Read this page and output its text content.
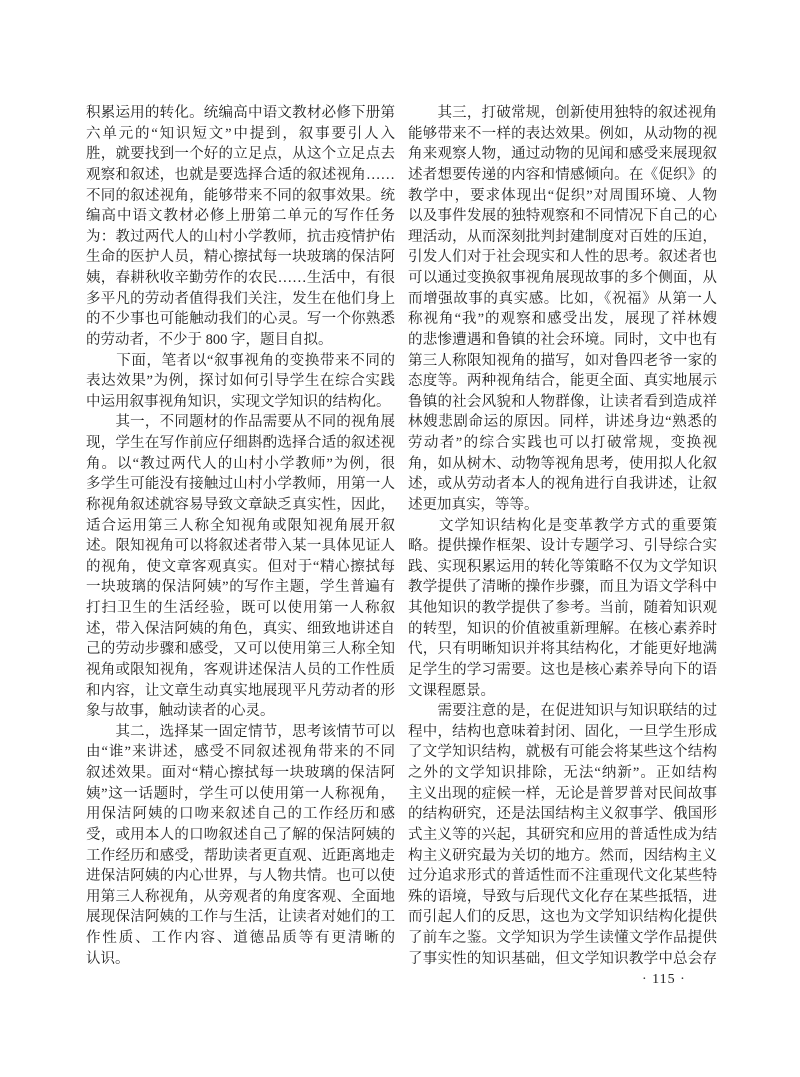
积累运用的转化。统编高中语文教材必修下册第
六单元的“知识短文”中提到，叙事要引人入
胜，就要找到一个好的立足点，从这个立足点去
观察和叙述，也就是要选择合适的叙述视角……
不同的叙述视角，能够带来不同的叙事效果。统
编高中语文教材必修上册第二单元的写作任务
为：教过两代人的山村小学教师，抗击疫情护佑
生命的医护人员，精心擦拭每一块玻璃的保洁阿
姨，春耕秋收辛勤劳作的农民……生活中，有很
多平凡的劳动者值得我们关注，发生在他们身上
的不少事也可能触动我们的心灵。写一个你熟悉
的劳动者，不少于 800 字，题目自拟。
　　下面，笔者以“叙事视角的变换带来不同的
表达效果”为例，探讨如何引导学生在综合实践
中运用叙事视角知识，实现文学知识的结构化。
　　其一，不同题材的作品需要从不同的视角展
现，学生在写作前应仔细斟酌选择合适的叙述视
角。以“教过两代人的山村小学教师”为例，很
多学生可能没有接触过山村小学教师，用第一人
称视角叙述就容易导致文章缺乏真实性，因此，
适合运用第三人称全知视角或限知视角展开叙
述。限知视角可以将叙述者带入某一具体见证人
的视角，使文章客观真实。但对于“精心擦拭每
一块玻璃的保洁阿姨”的写作主题，学生普遍有
打扫卫生的生活经验，既可以使用第一人称叙
述，带入保洁阿姨的角色，真实、细致地讲述自
己的劳动步骤和感受，又可以使用第三人称全知
视角或限知视角，客观讲述保洁人员的工作性质
和内容，让文章生动真实地展现平凡劳动者的形
象与故事，触动读者的心灵。
　　其二，选择某一固定情节，思考该情节可以
由“谁”来讲述，感受不同叙述视角带来的不同
叙述效果。面对“精心擦拭每一块玻璃的保洁阿
姨”这一话题时，学生可以使用第一人称视角，
用保洁阿姨的口吻来叙述自己的工作经历和感
受，或用本人的口吻叙述自己了解的保洁阿姨的
工作经历和感受，帮助读者更直观、近距离地走
进保洁阿姨的内心世界，与人物共情。也可以使
用第三人称视角，从旁观者的角度客观、全面地
展现保洁阿姨的工作与生活，让读者对她们的工
作性质、工作内容、道德品质等有更清晰的
认识。
　　其三，打破常规，创新使用独特的叙述视角
能够带来不一样的表达效果。例如，从动物的视
角来观察人物，通过动物的见闻和感受来展现叙
述者想要传递的内容和情感倾向。在《促织》的
教学中，要求体现出“促织”对周围环境、人物
以及事件发展的独特观察和不同情况下自己的心
理活动，从而深刻批判封建制度对百姓的压迫，
引发人们对于社会现实和人性的思考。叙述者也
可以通过变换叙事视角展现故事的多个侧面，从
而增强故事的真实感。比如，《祝福》从第一人
称视角“我”的观察和感受出发，展现了祥林嫂
的悲惨遭遇和鲁镇的社会环境。同时，文中也有
第三人称限知视角的描写，如对鲁四老爷一家的
态度等。两种视角结合，能更全面、真实地展示
鲁镇的社会风貌和人物群像，让读者看到造成祥
林嫂悲剧命运的原因。同样，讲述身边“熟悉的
劳动者”的综合实践也可以打破常规，变换视
角，如从树木、动物等视角思考，使用拟人化叙
述，或从劳动者本人的视角进行自我讲述，让叙
述更加真实，等等。
　　文学知识结构化是变革教学方式的重要策
略。提供操作框架、设计专题学习、引导综合实
践、实现积累运用的转化等策略不仅为文学知识
教学提供了清晰的操作步骤，而且为语文学科中
其他知识的教学提供了参考。当前，随着知识观
的转型，知识的价值被重新理解。在核心素养时
代，只有明晰知识并将其结构化，才能更好地满
足学生的学习需要。这也是核心素养导向下的语
文课程愿景。
　　需要注意的是，在促进知识与知识联结的过
程中，结构也意味着封闭、固化，一旦学生形成
了文学知识结构，就极有可能会将某些这个结构
之外的文学知识排除，无法“纳新”。正如结构
主义出现的症候一样，无论是普罗普对民间故事
的结构研究，还是法国结构主义叙事学、俄国形
式主义等的兴起，其研究和应用的普适性成为结
构主义研究最为关切的地方。然而，因结构主义
过分追求形式的普适性而不注重现代文化某些特
殊的语境，导致与后现代文化存在某些抵牾，进
而引起人们的反思，这也为文学知识结构化提供
了前车之鉴。文学知识为学生读懂文学作品提供
了事实性的知识基础，但文学知识教学中总会存
· 115 ·
